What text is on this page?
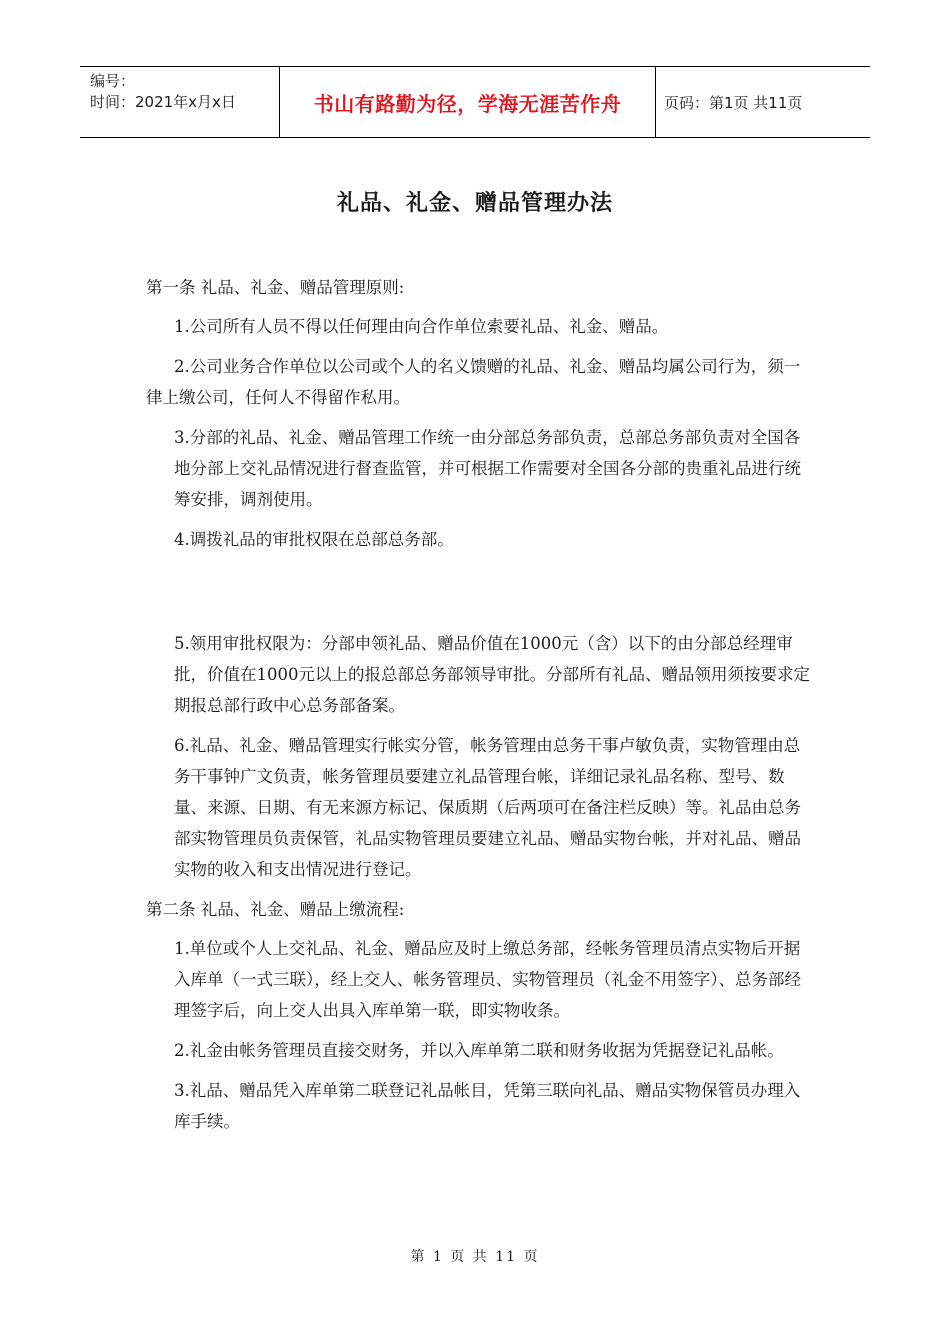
编号：
时间：2021年x月x日	书山有路勤为径，学海无涯苦作舟	页码：第1页 共11页
礼品、礼金、赠品管理办法
第一条 礼品、礼金、赠品管理原则:
1.公司所有人员不得以任何理由向合作单位索要礼品、礼金、赠品。
2.公司业务合作单位以公司或个人的名义馈赠的礼品、礼金、赠品均属公司行为，须一律上缴公司，任何人不得留作私用。
3.分部的礼品、礼金、赠品管理工作统一由分部总务部负责，总部总务部负责对全国各地分部上交礼品情况进行督查监管，并可根据工作需要对全国各分部的贵重礼品进行统筹安排，调剂使用。
4.调拨礼品的审批权限在总部总务部。
5.领用审批权限为：分部申领礼品、赠品价值在1000元（含）以下的由分部总经理审批，价值在1000元以上的报总部总务部领导审批。分部所有礼品、赠品领用须按要求定期报总部行政中心总务部备案。
6.礼品、礼金、赠品管理实行帐实分管，帐务管理由总务干事卢敏负责，实物管理由总务干事钟广文负责，帐务管理员要建立礼品管理台帐，详细记录礼品名称、型号、数量、来源、日期、有无来源方标记、保质期（后两项可在备注栏反映）等。礼品由总务部实物管理员负责保管，礼品实物管理员要建立礼品、赠品实物台帐，并对礼品、赠品实物的收入和支出情况进行登记。
第二条 礼品、礼金、赠品上缴流程:
1.单位或个人上交礼品、礼金、赠品应及时上缴总务部，经帐务管理员清点实物后开据入库单（一式三联），经上交人、帐务管理员、实物管理员（礼金不用签字）、总务部经理签字后，向上交人出具入库单第一联，即实物收条。
2.礼金由帐务管理员直接交财务，并以入库单第二联和财务收据为凭据登记礼品帐。
3.礼品、赠品凭入库单第二联登记礼品帐目，凭第三联向礼品、赠品实物保管员办理入库手续。
第 1 页 共 11 页
